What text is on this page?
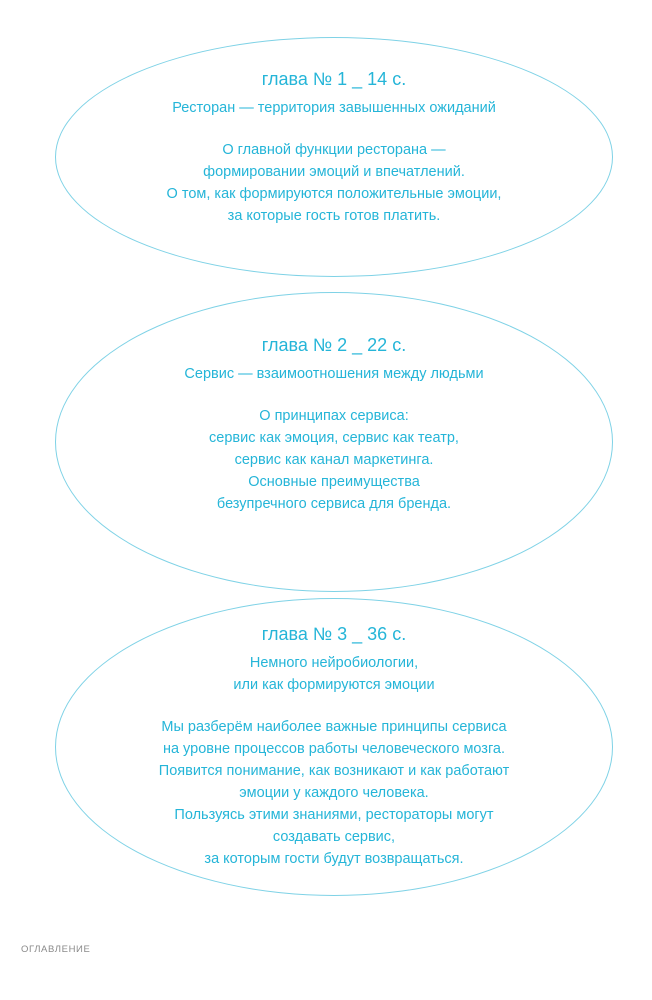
глава № 1 _ 14 с.
Ресторан — территория завышенных ожиданий
О главной функции ресторана —
формировании эмоций и впечатлений.
О том, как формируются положительные эмоции,
за которые гость готов платить.
глава № 2 _ 22 с.
Сервис — взаимоотношения между людьми
О принципах сервиса:
сервис как эмоция, сервис как театр,
сервис как канал маркетинга.
Основные преимущества
безупречного сервиса для бренда.
глава № 3 _ 36 с.
Немного нейробиологии,
или как формируются эмоции
Мы разберём наиболее важные принципы сервиса
на уровне процессов работы человеческого мозга.
Появится понимание, как возникают и как работают
эмоции у каждого человека.
Пользуясь этими знаниями, рестораторы могут
создавать сервис,
за которым гости будут возвращаться.
ОГЛАВЛЕНИЕ
